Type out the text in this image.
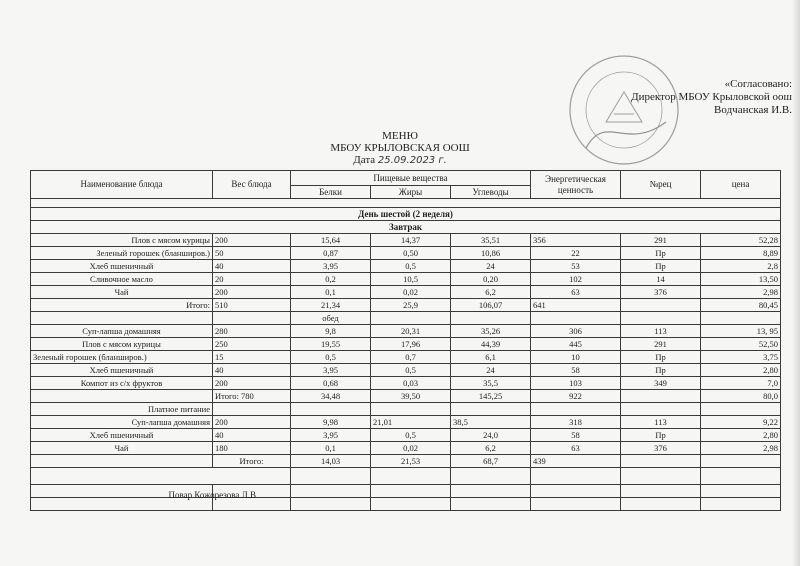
«Согласовано:
Директор МБОУ Крыловской оош
Водчанская И.В.
МЕНЮ
МБОУ КРЫЛОВСКАЯ ООШ
Дата 25.09.2023 г.
Наименование блюда	Вес блюда	Пищевые вещества			Энергетическая ценность	№рец	цена
		Белки	Жиры	Углеводы			

День шестой (2 неделя)							
Завтрак							
Плов с мясом курицы	200	15,64	14,37	35,51	356	291	52,28
Зеленый горошек (бланширов.)	50	0,87	0,50	10,86	22	Пр	8,89
Хлеб пшеничный	40	3,95	0,5	24	53	Пр	2,8
Сливочное масло	20	0,2	10,5	0,20	102	14	13,50
Чай	200	0,1	0,02	6,2	63	376	2,98
Итого:	510	21,34	25,9	106,07	641		80,45
		обед					
Суп-лапша домашняя	280	9,8	20,31	35,26	306	113	13, 95
Плов с мясом курицы	250	19,55	17,96	44,39	445	291	52,50
Зеленый горошек (бланширов.)	15	0,5	0,7	6,1	10	Пр	3,75
Хлеб пшеничный	40	3,95	0,5	24	58	Пр	2,80
Компот из с/х фруктов	200	0,68	0,03	35,5	103	349	7,0
	Итого: 780	34,48	39,50	145,25	922		80,0
Платное питание							
Суп-лапша домашняя	200	9,98	21,01	38,5	318	113	9,22
Хлеб пшеничный	40	3,95	0,5	24,0	58	Пр	2,80
Чай	180	0,1	0,02	6,2	63	376	2,98
	Итого:	14,03	21,53	68,7	439		

Повар Кожорезова Л.В
